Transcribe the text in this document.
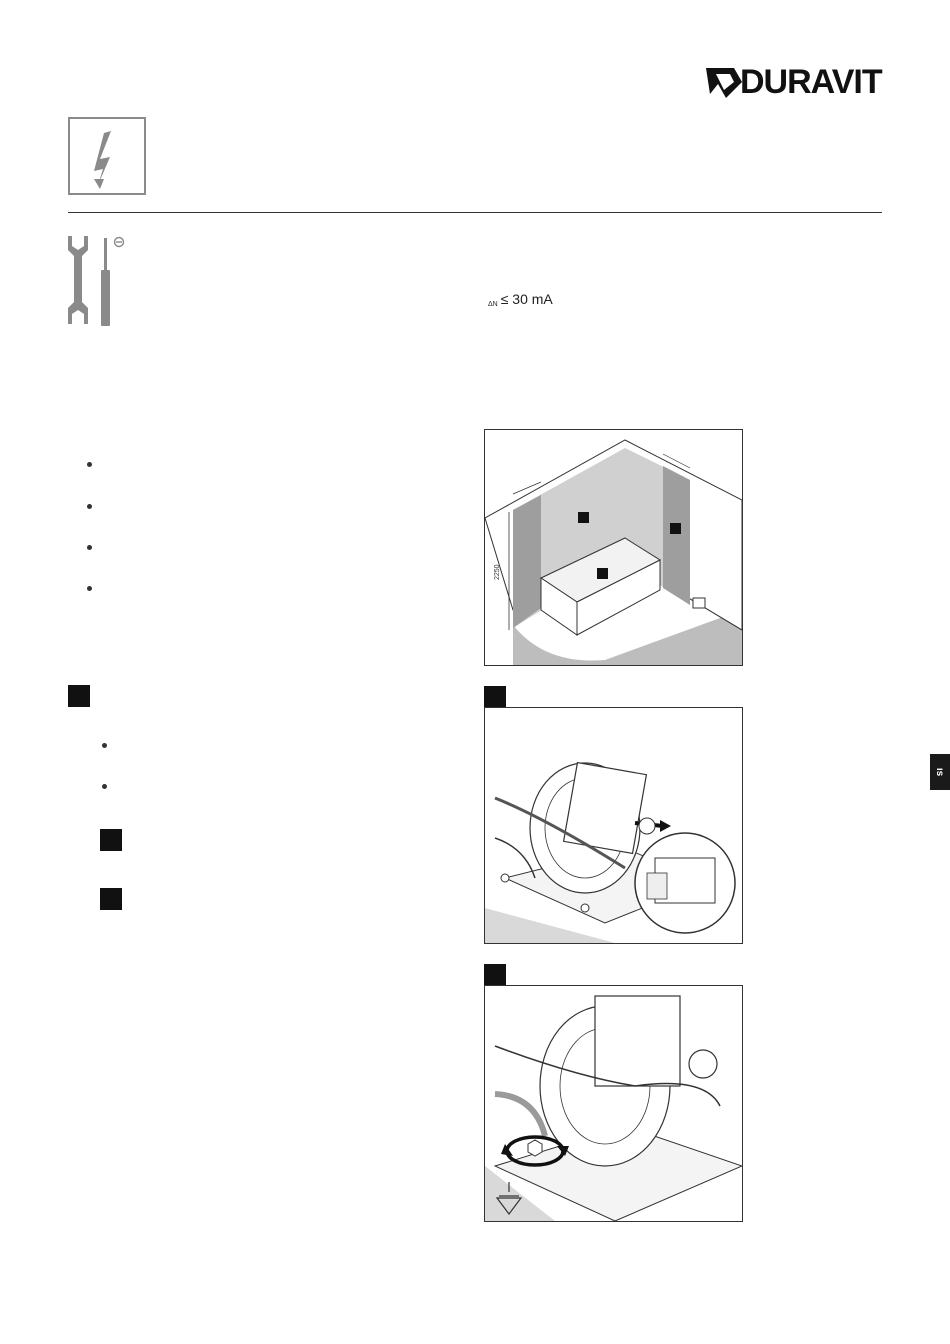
DURAVIT
$_{\Delta N}$ ≤ 30 mA
2250
ıs
